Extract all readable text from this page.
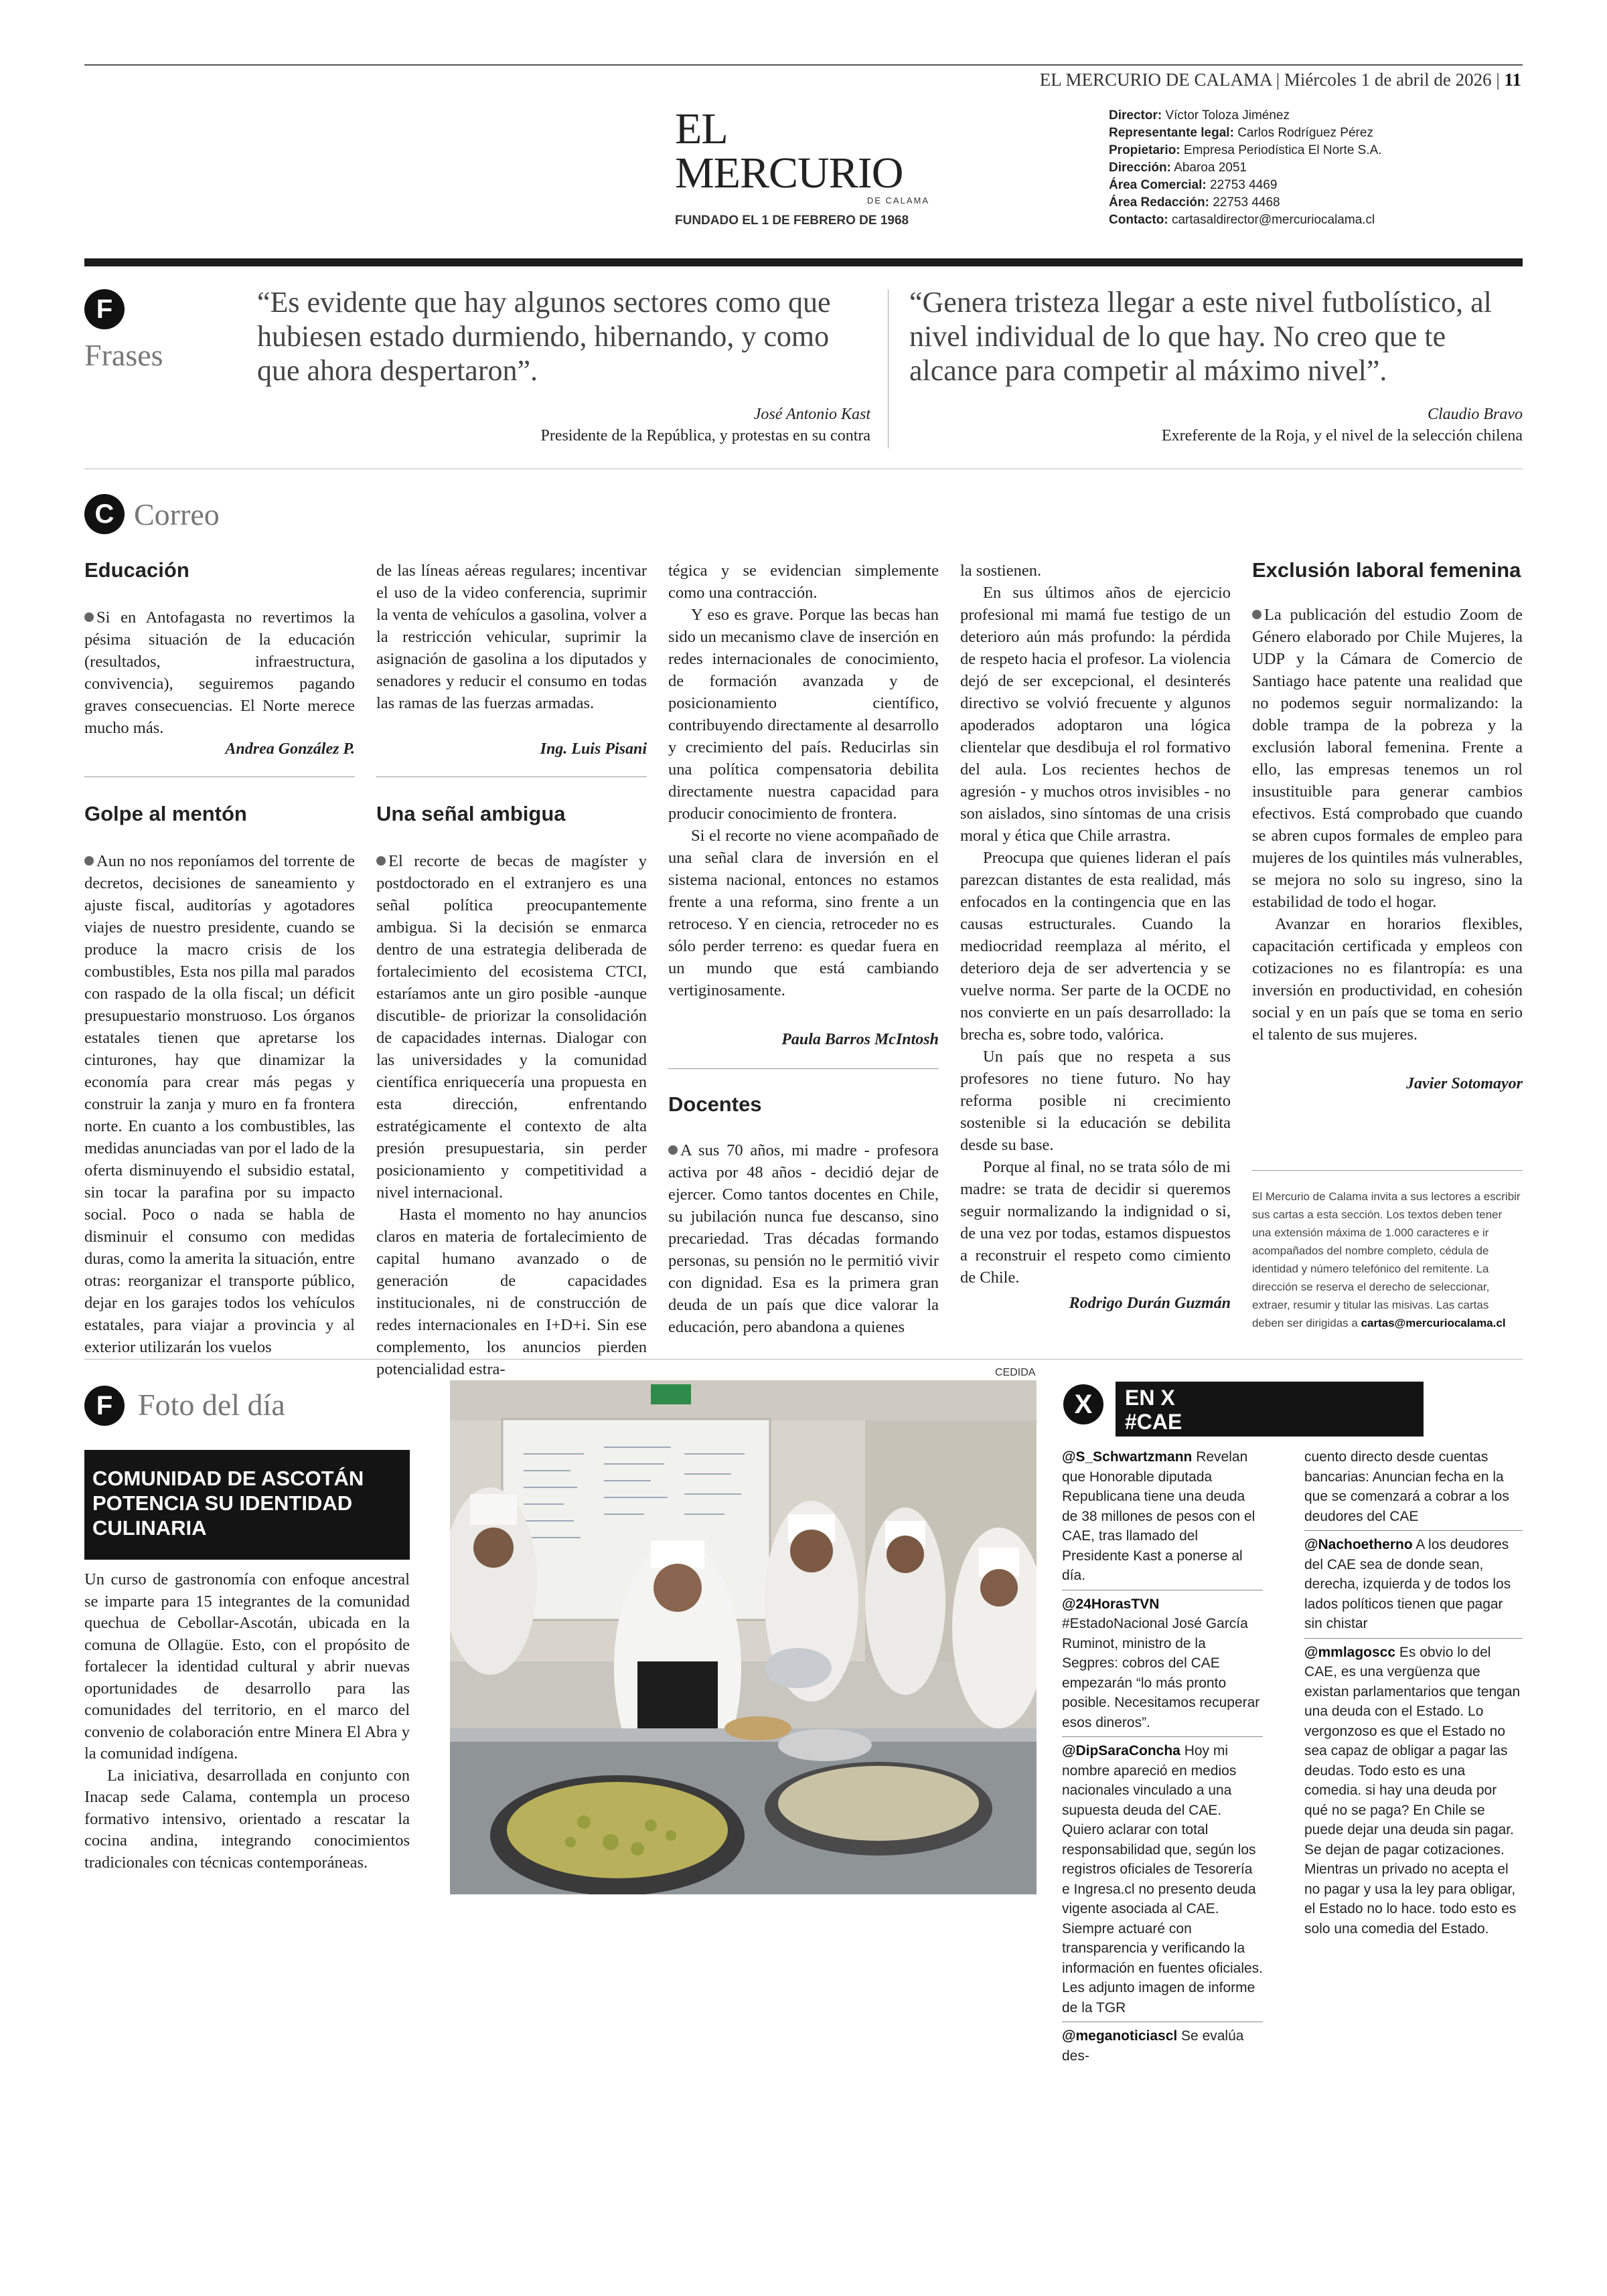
EL MERCURIO DE CALAMA | Miércoles 1 de abril de 2026 | 11
EL MERCURIO
DE CALAMA
FUNDADO EL 1 DE FEBRERO DE 1968
Director: Víctor Toloza Jiménez
Representante legal: Carlos Rodríguez Pérez
Propietario: Empresa Periodística El Norte S.A.
Dirección: Abaroa 2051
Área Comercial: 22753 4469
Área Redacción: 22753 4468
Contacto: cartasaldirector@mercuriocalama.cl
F
Frases
“Es evidente que hay algunos sectores como que hubiesen estado durmiendo, hibernando, y como que ahora despertaron”.
José Antonio Kast
Presidente de la República, y protestas en su contra
“Genera tristeza llegar a este nivel futbolístico, al nivel individual de lo que hay. No creo que te alcance para competir al máximo nivel”.
Claudio Bravo
Exreferente de la Roja, y el nivel de la selección chilena
C Correo
Educación

Si en Antofagasta no revertimos la pésima situación de la educación (resultados, infraestructura, convivencia), seguiremos pagando graves consecuencias. El Norte merece mucho más.

Andrea González P.
Golpe al mentón

Aun no nos reponíamos del torrente de decretos, decisiones de saneamiento y ajuste fiscal, auditorías y agotadores viajes de nuestro presidente, cuando se produce la macro crisis de los combustibles, Esta nos pilla mal parados con raspado de la olla fiscal; un déficit presupuestario monstruoso. Los órganos estatales tienen que apretarse los cinturones, hay que dinamizar la economía para crear más pegas y construir la zanja y muro en fa frontera norte. En cuanto a los combustibles, las medidas anunciadas van por el lado de la oferta disminuyendo el subsidio estatal, sin tocar la parafina por su impacto social. Poco o nada se habla de disminuir el consumo con medidas duras, como la amerita la situación, entre otras: reorganizar el transporte público, dejar en los garajes todos los vehículos estatales, para viajar a provincia y al exterior utilizarán los vuelos

de las líneas aéreas regulares; incentivar el uso de la video conferencia, suprimir la venta de vehículos a gasolina, volver a la restricción vehicular, suprimir la asignación de gasolina a los diputados y senadores y reducir el consumo en todas las ramas de las fuerzas armadas.

Ing. Luis Pisani
Una señal ambigua

El recorte de becas de magíster y postdoctorado en el extranjero es una señal política preocupantemente ambigua. Si la decisión se enmarca dentro de una estrategia deliberada de fortalecimiento del ecosistema CTCI, estaríamos ante un giro posible -aunque discutible- de priorizar la consolidación de capacidades internas. Dialogar con las universidades y la comunidad científica enriquecería una propuesta en esta dirección, enfrentando estratégicamente el contexto de alta presión presupuestaria, sin perder posicionamiento y competitividad a nivel internacional.

Hasta el momento no hay anuncios claros en materia de fortalecimiento de capital humano avanzado o de generación de capacidades institucionales, ni de construcción de redes internacionales en I+D+i. Sin ese complemento, los anuncios pierden potencialidad estra-

tégica y se evidencian simplemente como una contracción.

Y eso es grave. Porque las becas han sido un mecanismo clave de inserción en redes internacionales de conocimiento, de formación avanzada y de posicionamiento científico, contribuyendo directamente al desarrollo y crecimiento del país. Reducirlas sin una política compensatoria debilita directamente nuestra capacidad para producir conocimiento de frontera.

Si el recorte no viene acompañado de una señal clara de inversión en el sistema nacional, entonces no estamos frente a una reforma, sino frente a un retroceso. Y en ciencia, retroceder no es sólo perder terreno: es quedar fuera en un mundo que está cambiando vertiginosamente.

Paula Barros McIntosh
Docentes

A sus 70 años, mi madre - profesora activa por 48 años - decidió dejar de ejercer. Como tantos docentes en Chile, su jubilación nunca fue descanso, sino precariedad. Tras décadas formando personas, su pensión no le permitió vivir con dignidad. Esa es la primera gran deuda de un país que dice valorar la educación, pero abandona a quienes

la sostienen.

En sus últimos años de ejercicio profesional mi mamá fue testigo de un deterioro aún más profundo: la pérdida de respeto hacia el profesor. La violencia dejó de ser excepcional, el desinterés directivo se volvió frecuente y algunos apoderados adoptaron una lógica clientelar que desdibuja el rol formativo del aula. Los recientes hechos de agresión - y muchos otros invisibles - no son aislados, sino síntomas de una crisis moral y ética que Chile arrastra.

Preocupa que quienes lideran el país parezcan distantes de esta realidad, más enfocados en la contingencia que en las causas estructurales. Cuando la mediocridad reemplaza al mérito, el deterioro deja de ser advertencia y se vuelve norma. Ser parte de la OCDE no nos convierte en un país desarrollado: la brecha es, sobre todo, valórica.

Un país que no respeta a sus profesores no tiene futuro. No hay reforma posible ni crecimiento sostenible si la educación se debilita desde su base.

Porque al final, no se trata sólo de mi madre: se trata de decidir si queremos seguir normalizando la indignidad o si, de una vez por todas, estamos dispuestos a reconstruir el respeto como cimiento de Chile.

Rodrigo Durán Guzmán
Exclusión laboral femenina

La publicación del estudio Zoom de Género elaborado por Chile Mujeres, la UDP y la Cámara de Comercio de Santiago hace patente una realidad que no podemos seguir normalizando: la doble trampa de la pobreza y la exclusión laboral femenina. Frente a ello, las empresas tenemos un rol insustituible para generar cambios efectivos. Está comprobado que cuando se abren cupos formales de empleo para mujeres de los quintiles más vulnerables, se mejora no solo su ingreso, sino la estabilidad de todo el hogar.

Avanzar en horarios flexibles, capacitación certificada y empleos con cotizaciones no es filantropía: es una inversión en productividad, en cohesión social y en un país que se toma en serio el talento de sus mujeres.

Javier Sotomayor
El Mercurio de Calama invita a sus lectores a escribir sus cartas a esta sección. Los textos deben tener una extensión máxima de 1.000 caracteres e ir acompañados del nombre completo, cédula de identidad y número telefónico del remitente. La dirección se reserva el derecho de seleccionar, extraer, resumir y titular las misivas. Las cartas deben ser dirigidas a cartas@mercuriocalama.cl
F Foto del día
COMUNIDAD DE ASCOTÁN POTENCIA SU IDENTIDAD CULINARIA

Un curso de gastronomía con enfoque ancestral se imparte para 15 integrantes de la comunidad quechua de Cebollar-Ascotán, ubicada en la comuna de Ollagüe. Esto, con el propósito de fortalecer la identidad cultural y abrir nuevas oportunidades de desarrollo para las comunidades del territorio, en el marco del convenio de colaboración entre Minera El Abra y la comunidad indígena.

La iniciativa, desarrollada en conjunto con Inacap sede Calama, contempla un proceso formativo intensivo, orientado a rescatar la cocina andina, integrando conocimientos tradicionales con técnicas contemporáneas.

CEDIDA
X	EN X
#CAE
@S_Schwartzmann Revelan que Honorable diputada Republicana tiene una deuda de 38 millones de pesos con el CAE, tras llamado del Presidente Kast a ponerse al día.
@24HorasTVN #EstadoNacional José García Ruminot, ministro de la Segpres: cobros del CAE empezarán “lo más pronto posible. Necesitamos recuperar esos dineros”.
@DipSaraConcha Hoy mi nombre apareció en medios nacionales vinculado a una supuesta deuda del CAE. Quiero aclarar con total responsabilidad que, según los registros oficiales de Tesorería e Ingresa.cl no presento deuda vigente asociada al CAE. Siempre actuaré con transparencia y verificando la información en fuentes oficiales. Les adjunto imagen de informe de la TGR
@meganoticiascl Se evalúa des-
cuento directo desde cuentas bancarias: Anuncian fecha en la que se comenzará a cobrar a los deudores del CAE
@Nachoetherno A los deudores del CAE sea de donde sean, derecha, izquierda y de todos los lados políticos tienen que pagar sin chistar
@mmlagoscc Es obvio lo del CAE, es una vergüenza que existan parlamentarios que tengan una deuda con el Estado. Lo vergonzoso es que el Estado no sea capaz de obligar a pagar las deudas. Todo esto es una comedia. si hay una deuda por qué no se paga? En Chile se puede dejar una deuda sin pagar. Se dejan de pagar cotizaciones. Mientras un privado no acepta el no pagar y usa la ley para obligar, el Estado no lo hace. todo esto es solo una comedia del Estado.
